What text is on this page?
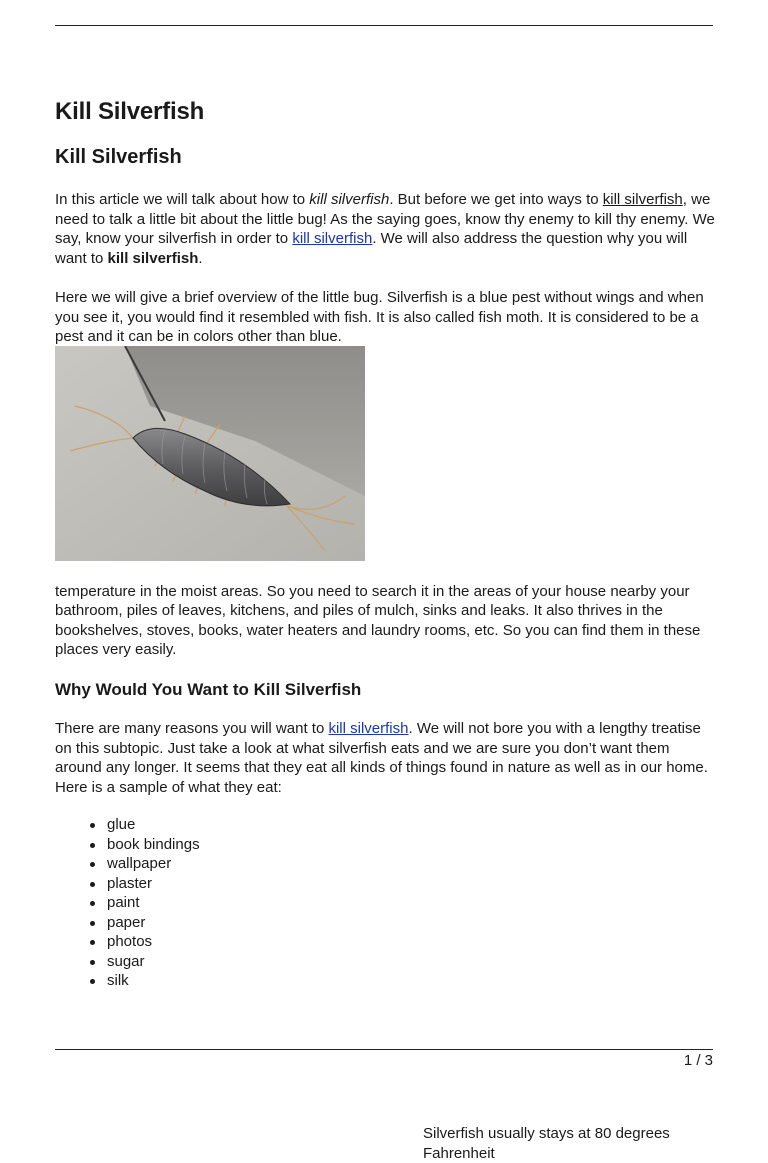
Kill Silverfish
Kill Silverfish

In this article we will talk about how to kill silverfish. But before we get into ways to kill silverfish, we need to talk a little bit about the little bug! As the saying goes, know thy enemy to kill thy enemy. We say, know your silverfish in order to kill silverfish. We will also address the question why you will want to kill silverfish.

Here we will give a brief overview of the little bug. Silverfish is a blue pest without wings and when you see it, you would find it resembled with fish. It is also called fish moth. It is considered to be a pest and it can be in colors other than blue.

Silverfish usually stays at 80 degrees Fahrenheit

temperature in the moist areas. So you need to search it in the areas of your house nearby your bathroom, piles of leaves, kitchens, and piles of mulch, sinks and leaks. It also thrives in the bookshelves, stoves, books, water heaters and laundry rooms, etc. So you can find them in these places very easily.

Why Would You Want to Kill Silverfish

There are many reasons you will want to kill silverfish. We will not bore you with a lengthy treatise on this subtopic. Just take a look at what silverfish eats and we are sure you don’t want them around any longer. It seems that they eat all kinds of things found in nature as well as in our home. Here is a sample of what they eat:

glue
book bindings
wallpaper
plaster
paint
paper
photos
sugar
silk
1 / 3
